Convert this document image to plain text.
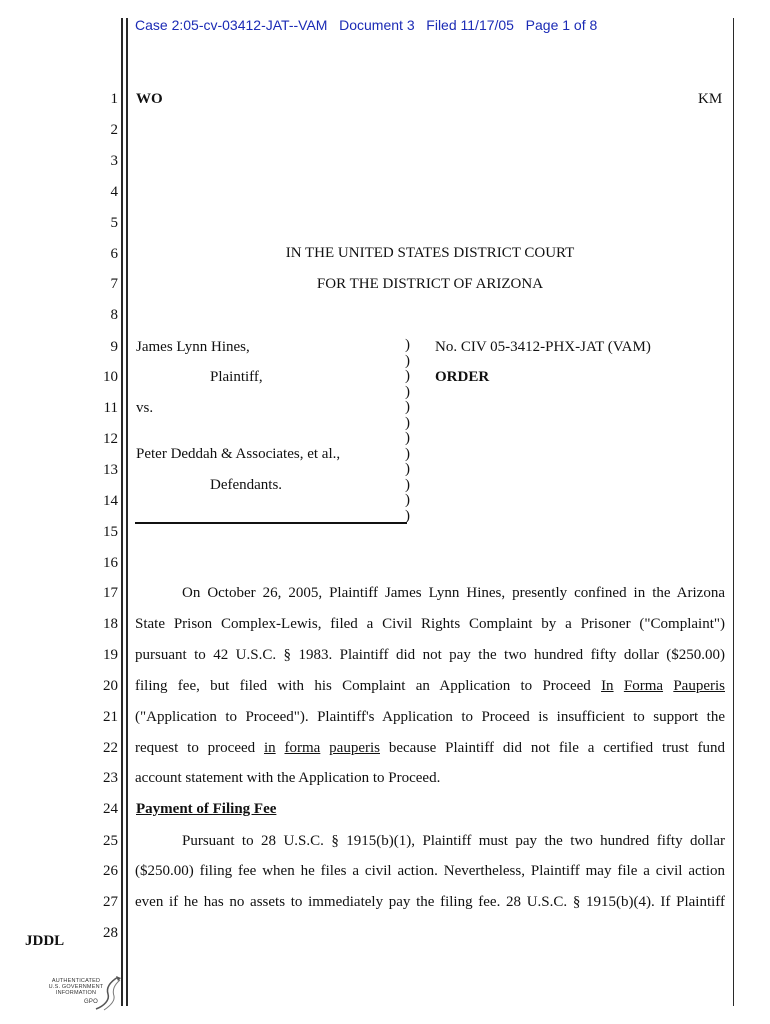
Case 2:05-cv-03412-JAT--VAM Document 3 Filed 11/17/05 Page 1 of 8
1
2
3
4
5
6
7
8
9
10
11
12
13
14
15
16
17
18
19
20
21
22
23
24
25
26
27
28
WO	KM
IN THE UNITED STATES DISTRICT COURT
FOR THE DISTRICT OF ARIZONA
James Lynn Hines,
Plaintiff,
vs.
Peter Deddah & Associates, et al.,
Defendants.
)
)
)
)
)
)
)
)
)
)
)
)
No. CIV 05-3412-PHX-JAT (VAM)
ORDER
On October 26, 2005, Plaintiff James Lynn Hines, presently confined in the Arizona
State Prison Complex-Lewis, filed a Civil Rights Complaint by a Prisoner ("Complaint")
pursuant to 42 U.S.C. § 1983. Plaintiff did not pay the two hundred fifty dollar ($250.00)
filing fee, but filed with his Complaint an Application to Proceed In Forma Pauperis
("Application to Proceed"). Plaintiff's Application to Proceed is insufficient to support the
request to proceed in forma pauperis because Plaintiff did not file a certified trust fund
account statement with the Application to Proceed.
Payment of Filing Fee
Pursuant to 28 U.S.C. § 1915(b)(1), Plaintiff must pay the two hundred fifty dollar
($250.00) filing fee when he files a civil action. Nevertheless, Plaintiff may file a civil action
even if he has no assets to immediately pay the filing fee. 28 U.S.C. § 1915(b)(4). If Plaintiff
JDDL
AUTHENTICATED
U.S. GOVERNMENT
INFORMATION
GPO
